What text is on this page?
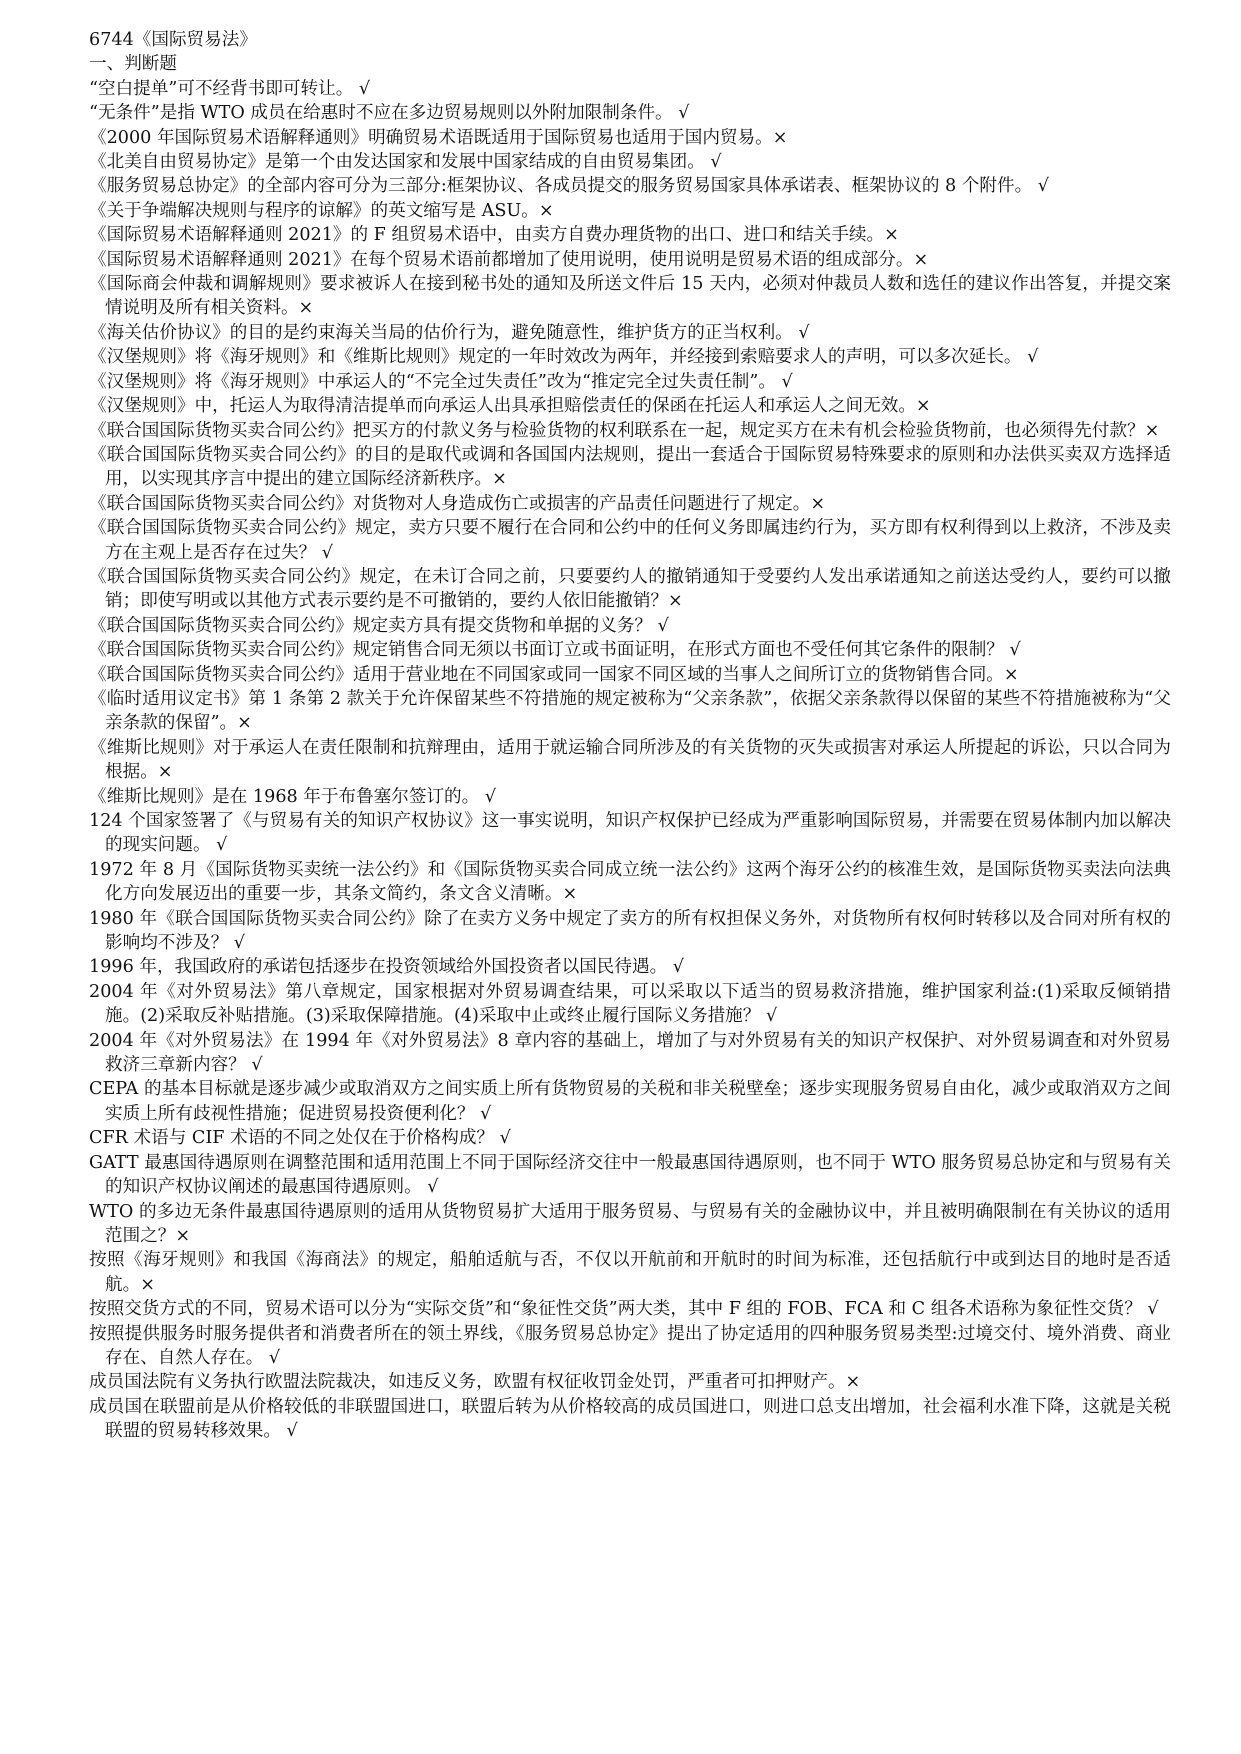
6744《国际贸易法》
一、判断题
“空白提单”可不经背书即可转让。 √
“无条件”是指 WTO 成员在给惠时不应在多边贸易规则以外附加限制条件。 √
《2000 年国际贸易术语解释通则》明确贸易术语既适用于国际贸易也适用于国内贸易。×
《北美自由贸易协定》是第一个由发达国家和发展中国家结成的自由贸易集团。 √
《服务贸易总协定》的全部内容可分为三部分:框架协议、各成员提交的服务贸易国家具体承诺表、框架协议的 8 个附件。 √
《关于争端解决规则与程序的谅解》的英文缩写是 ASU。×
《国际贸易术语解释通则 2021》的 F 组贸易术语中，由卖方自费办理货物的出口、进口和结关手续。×
《国际贸易术语解释通则 2021》在每个贸易术语前都增加了使用说明，使用说明是贸易术语的组成部分。×
《国际商会仲裁和调解规则》要求被诉人在接到秘书处的通知及所送文件后 15 天内，必须对仲裁员人数和选任的建议作出答复，并提交案情说明及所有相关资料。×
《海关估价协议》的目的是约束海关当局的估价行为，避免随意性，维护货方的正当权利。 √
《汉堡规则》将《海牙规则》和《维斯比规则》规定的一年时效改为两年，并经接到索赔要求人的声明，可以多次延长。 √
《汉堡规则》将《海牙规则》中承运人的“不完全过失责任”改为“推定完全过失责任制”。 √
《汉堡规则》中，托运人为取得清洁提单而向承运人出具承担赔偿责任的保函在托运人和承运人之间无效。×
《联合国国际货物买卖合同公约》把买方的付款义务与检验货物的权利联系在一起，规定买方在未有机会检验货物前，也必须得先付款？×
《联合国国际货物买卖合同公约》的目的是取代或调和各国国内法规则，提出一套适合于国际贸易特殊要求的原则和办法供买卖双方选择适用，以实现其序言中提出的建立国际经济新秩序。×
《联合国国际货物买卖合同公约》对货物对人身造成伤亡或损害的产品责任问题进行了规定。×
《联合国国际货物买卖合同公约》规定，卖方只要不履行在合同和公约中的任何义务即属违约行为，买方即有权利得到以上救济，不涉及卖方在主观上是否存在过失？ √
《联合国国际货物买卖合同公约》规定，在未订合同之前，只要要约人的撤销通知于受要约人发出承诺通知之前送达受约人，要约可以撤销；即使写明或以其他方式表示要约是不可撤销的，要约人依旧能撤销？×
《联合国国际货物买卖合同公约》规定卖方具有提交货物和单据的义务？ √
《联合国国际货物买卖合同公约》规定销售合同无须以书面订立或书面证明，在形式方面也不受任何其它条件的限制？ √
《联合国国际货物买卖合同公约》适用于营业地在不同国家或同一国家不同区域的当事人之间所订立的货物销售合同。×
《临时适用议定书》第 1 条第 2 款关于允许保留某些不符措施的规定被称为“父亲条款”，依据父亲条款得以保留的某些不符措施被称为“父亲条款的保留”。×
《维斯比规则》对于承运人在责任限制和抗辩理由，适用于就运输合同所涉及的有关货物的灭失或损害对承运人所提起的诉讼，只以合同为根据。×
《维斯比规则》是在 1968 年于布鲁塞尔签订的。 √
124 个国家签署了《与贸易有关的知识产权协议》这一事实说明，知识产权保护已经成为严重影响国际贸易，并需要在贸易体制内加以解决的现实问题。 √
1972 年 8 月《国际货物买卖统一法公约》和《国际货物买卖合同成立统一法公约》这两个海牙公约的核准生效，是国际货物买卖法向法典化方向发展迈出的重要一步，其条文简约，条文含义清晰。×
1980 年《联合国国际货物买卖合同公约》除了在卖方义务中规定了卖方的所有权担保义务外，对货物所有权何时转移以及合同对所有权的影响均不涉及？ √
1996 年，我国政府的承诺包括逐步在投资领域给外国投资者以国民待遇。 √
2004 年《对外贸易法》第八章规定，国家根据对外贸易调查结果，可以采取以下适当的贸易救济措施，维护国家利益:(1)采取反倾销措施。(2)采取反补贴措施。(3)采取保障措施。(4)采取中止或终止履行国际义务措施？ √
2004 年《对外贸易法》在 1994 年《对外贸易法》8 章内容的基础上，增加了与对外贸易有关的知识产权保护、对外贸易调查和对外贸易救济三章新内容？ √
CEPA 的基本目标就是逐步减少或取消双方之间实质上所有货物贸易的关税和非关税壁垒；逐步实现服务贸易自由化，减少或取消双方之间实质上所有歧视性措施；促进贸易投资便利化？ √
CFR 术语与 CIF 术语的不同之处仅在于价格构成？ √
GATT 最惠国待遇原则在调整范围和适用范围上不同于国际经济交往中一般最惠国待遇原则，也不同于 WTO 服务贸易总协定和与贸易有关的知识产权协议阐述的最惠国待遇原则。 √
WTO 的多边无条件最惠国待遇原则的适用从货物贸易扩大适用于服务贸易、与贸易有关的金融协议中，并且被明确限制在有关协议的适用范围之？×
按照《海牙规则》和我国《海商法》的规定，船舶适航与否，不仅以开航前和开航时的时间为标准，还包括航行中或到达目的地时是否适航。×
按照交货方式的不同，贸易术语可以分为“实际交货”和“象征性交货”两大类，其中 F 组的 FOB、FCA 和 C 组各术语称为象征性交货？ √
按照提供服务时服务提供者和消费者所在的领土界线，《服务贸易总协定》提出了协定适用的四种服务贸易类型:过境交付、境外消费、商业存在、自然人存在。 √
成员国法院有义务执行欧盟法院裁决，如违反义务，欧盟有权征收罚金处罚，严重者可扣押财产。×
成员国在联盟前是从价格较低的非联盟国进口，联盟后转为从价格较高的成员国进口，则进口总支出增加，社会福利水准下降，这就是关税联盟的贸易转移效果。 √
